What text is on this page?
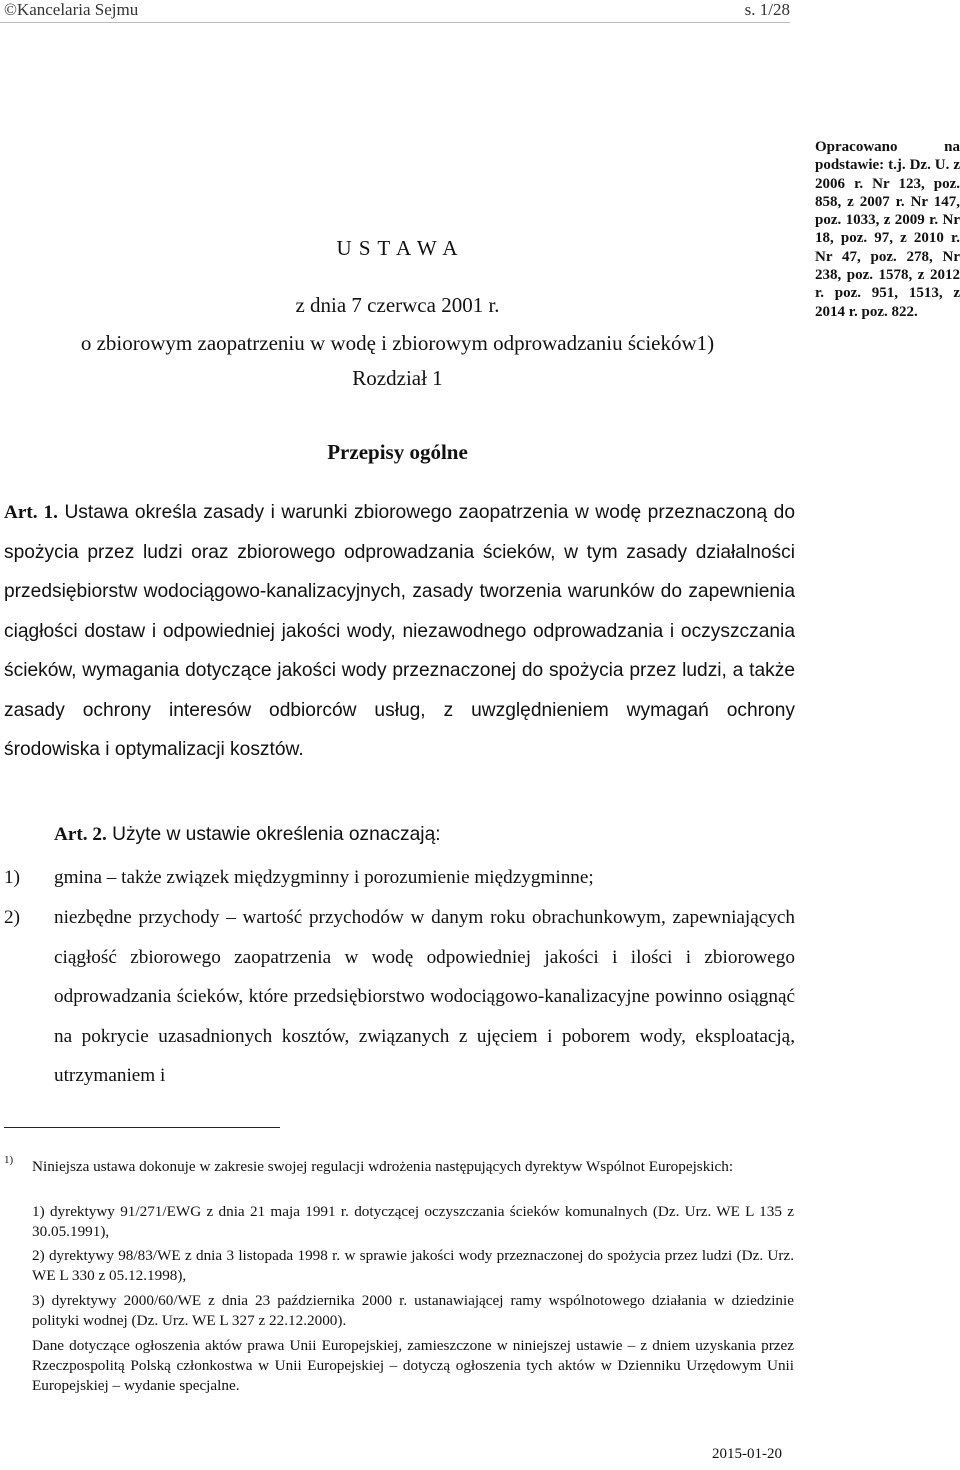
©Kancelaria Sejmu	s. 1/28
Opracowano na podstawie: t.j. Dz. U. z 2006 r. Nr 123, poz. 858, z 2007 r. Nr 147, poz. 1033, z 2009 r. Nr 18, poz. 97, z 2010 r. Nr 47, poz. 278, Nr 238, poz. 1578, z 2012 r. poz. 951, 1513, z 2014 r. poz. 822.
U S T A W A
z dnia 7 czerwca 2001 r.
o zbiorowym zaopatrzeniu w wodę i zbiorowym odprowadzaniu ścieków1)
Rozdział 1
Przepisy ogólne
Art. 1. Ustawa określa zasady i warunki zbiorowego zaopatrzenia w wodę przeznaczoną do spożycia przez ludzi oraz zbiorowego odprowadzania ścieków, w tym zasady działalności przedsiębiorstw wodociągowo-kanalizacyjnych, zasady tworzenia warunków do zapewnienia ciągłości dostaw i odpowiedniej jakości wody, niezawodnego odprowadzania i oczyszczania ścieków, wymagania dotyczące jakości wody przeznaczonej do spożycia przez ludzi, a także zasady ochrony interesów odbiorców usług, z uwzględnieniem wymagań ochrony środowiska i optymalizacji kosztów.
Art. 2. Użyte w ustawie określenia oznaczają:
1) gmina – także związek międzygminny i porozumienie międzygminne;
2) niezbędne przychody – wartość przychodów w danym roku obrachunkowym, zapewniających ciągłość zbiorowego zaopatrzenia w wodę odpowiedniej jakości i ilości i zbiorowego odprowadzania ścieków, które przedsiębiorstwo wodociągowo-kanalizacyjne powinno osiągnąć na pokrycie uzasadnionych kosztów, związanych z ujęciem i poborem wody, eksploatacją, utrzymaniem i
1) Niniejsza ustawa dokonuje w zakresie swojej regulacji wdrożenia następujących dyrektyw Wspólnot Europejskich:
1) dyrektywy 91/271/EWG z dnia 21 maja 1991 r. dotyczącej oczyszczania ścieków komunalnych (Dz. Urz. WE L 135 z 30.05.1991),
2) dyrektywy 98/83/WE z dnia 3 listopada 1998 r. w sprawie jakości wody przeznaczonej do spożycia przez ludzi (Dz. Urz. WE L 330 z 05.12.1998),
3) dyrektywy 2000/60/WE z dnia 23 października 2000 r. ustanawiającej ramy wspólnotowego działania w dziedzinie polityki wodnej (Dz. Urz. WE L 327 z 22.12.2000).
Dane dotyczące ogłoszenia aktów prawa Unii Europejskiej, zamieszczone w niniejszej ustawie – z dniem uzyskania przez Rzeczpospolitą Polską członkostwa w Unii Europejskiej – dotyczą ogłoszenia tych aktów w Dzienniku Urzędowym Unii Europejskiej – wydanie specjalne.
2015-01-20
